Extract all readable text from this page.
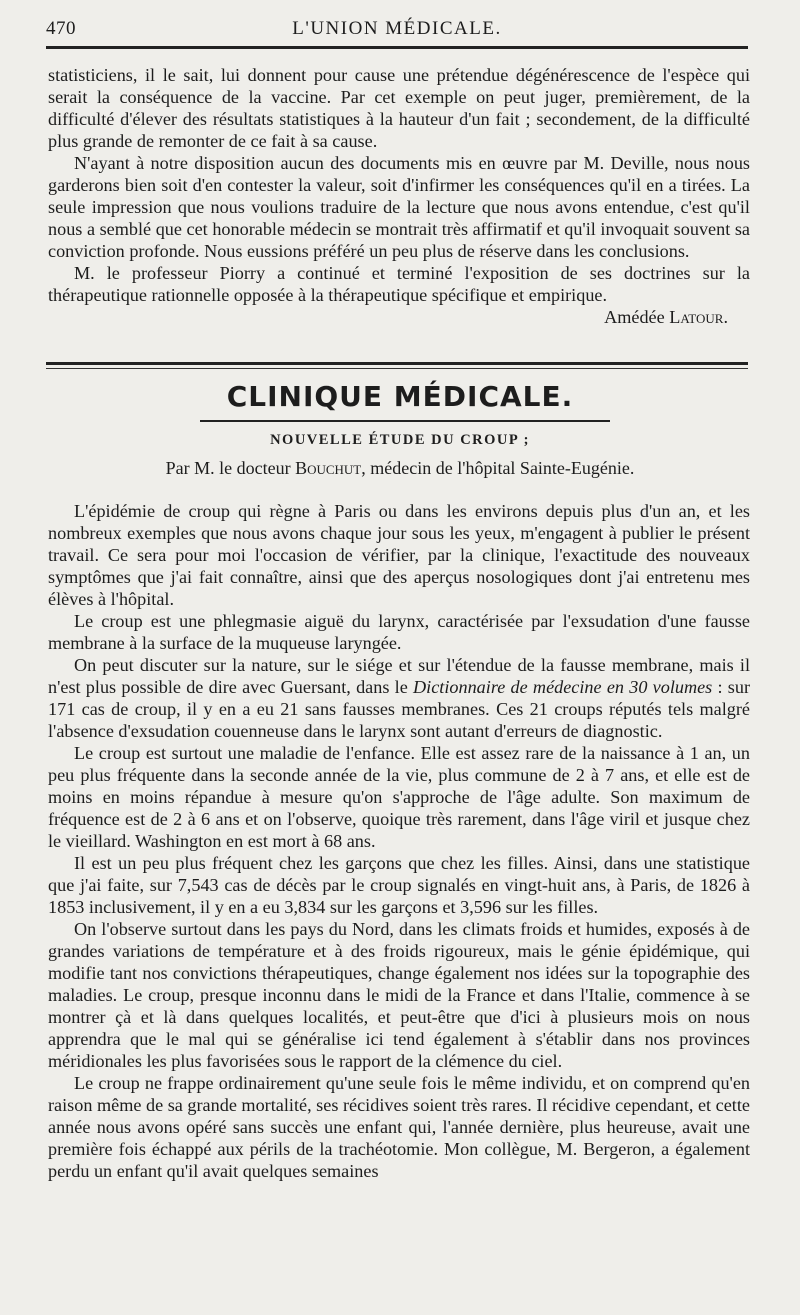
470	L'UNION MÉDICALE.

statisticiens, il le sait, lui donnent pour cause une prétendue dégénérescence de l'espèce qui serait la conséquence de la vaccine. Par cet exemple on peut juger, premièrement, de la difficulté d'élever des résultats statistiques à la hauteur d'un fait ; secondement, de la difficulté plus grande de remonter de ce fait à sa cause.

N'ayant à notre disposition aucun des documents mis en œuvre par M. Deville, nous nous garderons bien soit d'en contester la valeur, soit d'infirmer les conséquences qu'il en a tirées. La seule impression que nous voulions traduire de la lecture que nous avons entendue, c'est qu'il nous a semblé que cet honorable médecin se montrait très affirmatif et qu'il invoquait souvent sa conviction profonde. Nous eussions préféré un peu plus de réserve dans les conclusions.

M. le professeur Piorry a continué et terminé l'exposition de ses doctrines sur la thérapeutique rationnelle opposée à la thérapeutique spécifique et empirique.

Amédée Latour.

CLINIQUE MÉDICALE.
NOUVELLE ÉTUDE DU CROUP ;
Par M. le docteur Bouchut, médecin de l'hôpital Sainte-Eugénie.

L'épidémie de croup qui règne à Paris ou dans les environs depuis plus d'un an, et les nombreux exemples que nous avons chaque jour sous les yeux, m'engagent à publier le présent travail. Ce sera pour moi l'occasion de vérifier, par la clinique, l'exactitude des nouveaux symptômes que j'ai fait connaître, ainsi que des aperçus nosologiques dont j'ai entretenu mes élèves à l'hôpital.

Le croup est une phlegmasie aiguë du larynx, caractérisée par l'exsudation d'une fausse membrane à la surface de la muqueuse laryngée.

On peut discuter sur la nature, sur le siége et sur l'étendue de la fausse membrane, mais il n'est plus possible de dire avec Guersant, dans le Dictionnaire de médecine en 30 volumes : sur 171 cas de croup, il y en a eu 21 sans fausses membranes. Ces 21 croups réputés tels malgré l'absence d'exsudation couenneuse dans le larynx sont autant d'erreurs de diagnostic.

Le croup est surtout une maladie de l'enfance. Elle est assez rare de la naissance à 1 an, un peu plus fréquente dans la seconde année de la vie, plus commune de 2 à 7 ans, et elle est de moins en moins répandue à mesure qu'on s'approche de l'âge adulte. Son maximum de fréquence est de 2 à 6 ans et on l'observe, quoique très rarement, dans l'âge viril et jusque chez le vieillard. Washington en est mort à 68 ans.

Il est un peu plus fréquent chez les garçons que chez les filles. Ainsi, dans une statistique que j'ai faite, sur 7,543 cas de décès par le croup signalés en vingt-huit ans, à Paris, de 1826 à 1853 inclusivement, il y en a eu 3,834 sur les garçons et 3,596 sur les filles.

On l'observe surtout dans les pays du Nord, dans les climats froids et humides, exposés à de grandes variations de température et à des froids rigoureux, mais le génie épidémique, qui modifie tant nos convictions thérapeutiques, change également nos idées sur la topographie des maladies. Le croup, presque inconnu dans le midi de la France et dans l'Italie, commence à se montrer çà et là dans quelques localités, et peut-être que d'ici à plusieurs mois on nous apprendra que le mal qui se généralise ici tend également à s'établir dans nos provinces méridionales les plus favorisées sous le rapport de la clémence du ciel.

Le croup ne frappe ordinairement qu'une seule fois le même individu, et on comprend qu'en raison même de sa grande mortalité, ses récidives soient très rares. Il récidive cependant, et cette année nous avons opéré sans succès une enfant qui, l'année dernière, plus heureuse, avait une première fois échappé aux périls de la trachéotomie. Mon collègue, M. Bergeron, a également perdu un enfant qu'il avait quelques semaines
